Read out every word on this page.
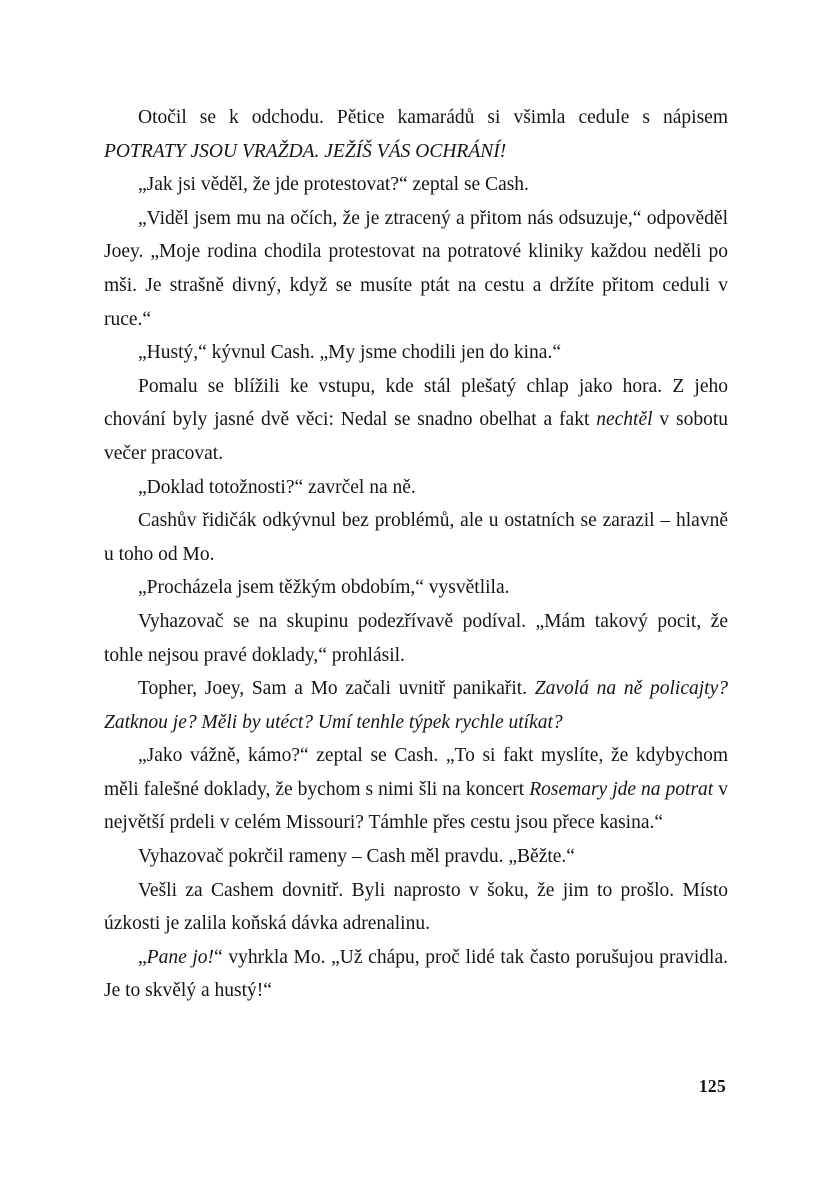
Otočil se k odchodu. Pětice kamarádů si všimla cedule s nápisem POTRATY JSOU VRAŽDA. JEŽÍŠ VÁS OCHRÁNÍ!

„Jak jsi věděl, že jde protestovat?“ zeptal se Cash.

„Viděl jsem mu na očích, že je ztracený a přitom nás odsuzuje,“ odpověděl Joey. „Moje rodina chodila protestovat na potratové kliniky každou neděli po mši. Je strašně divný, když se musíte ptát na cestu a držíte přitom ceduli v ruce.“

„Hustý,“ kývnul Cash. „My jsme chodili jen do kina.“

Pomalu se blížili ke vstupu, kde stál plešatý chlap jako hora. Z jeho chování byly jasné dvě věci: Nedal se snadno obelhat a fakt nechtěl v sobotu večer pracovat.

„Doklad totožnosti?“ zavrčel na ně.

Cashův řidičák odkývnul bez problémů, ale u ostatních se zarazil – hlavně u toho od Mo.

„Procházela jsem těžkým obdobím,“ vysvětlila.

Vyhazovač se na skupinu podezřívavě podíval. „Mám takový pocit, že tohle nejsou pravé doklady,“ prohlásil.

Topher, Joey, Sam a Mo začali uvnitř panikařit. Zavolá na ně policajty? Zatknou je? Měli by utéct? Umí tenhle týpek rychle utíkat?

„Jako vážně, kámo?“ zeptal se Cash. „To si fakt myslíte, že kdybychom měli falešné doklady, že bychom s nimi šli na koncert Rosemary jde na potrat v největší prdeli v celém Missouri? Támhle přes cestu jsou přece kasina.“

Vyhazovač pokrčil rameny – Cash měl pravdu. „Běžte.“

Vešli za Cashem dovnitř. Byli naprosto v šoku, že jim to prošlo. Místo úzkosti je zalila koňská dávka adrenalinu.

„Pane jo!“ vyhrkla Mo. „Už chápu, proč lidé tak často porušujou pravidla. Je to skvělý a hustý!“

125
